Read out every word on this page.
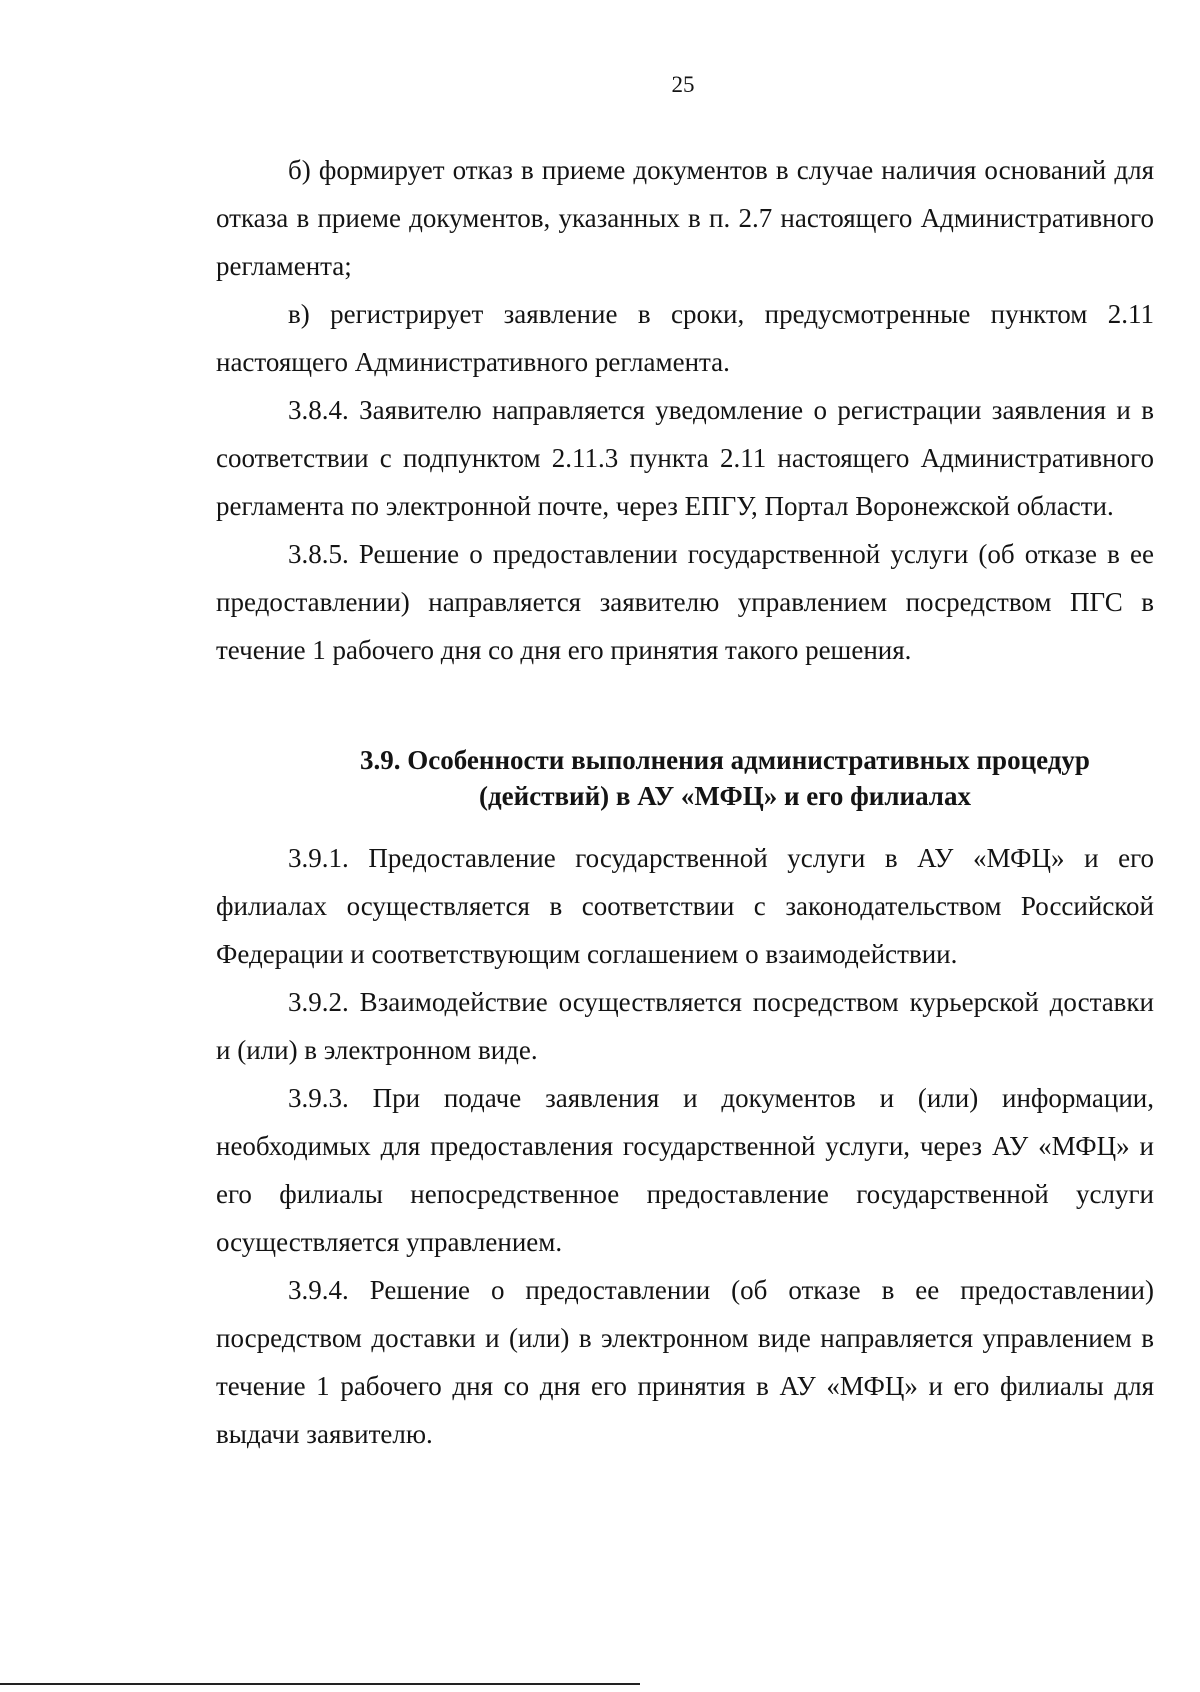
25

б) формирует отказ в приеме документов в случае наличия оснований для отказа в приеме документов, указанных в п. 2.7 настоящего Административного регламента;

в) регистрирует заявление в сроки, предусмотренные пунктом 2.11 настоящего Административного регламента.

3.8.4. Заявителю направляется уведомление о регистрации заявления и в соответствии с подпунктом 2.11.3 пункта 2.11 настоящего Административного регламента по электронной почте, через ЕПГУ, Портал Воронежской области.

3.8.5. Решение о предоставлении государственной услуги (об отказе в ее предоставлении) направляется заявителю управлением посредством ПГС в течение 1 рабочего дня со дня его принятия такого решения.

3.9. Особенности выполнения административных процедур
(действий) в АУ «МФЦ» и его филиалах

3.9.1. Предоставление государственной услуги в АУ «МФЦ» и его филиалах осуществляется в соответствии с законодательством Российской Федерации и соответствующим соглашением о взаимодействии.

3.9.2. Взаимодействие осуществляется посредством курьерской доставки и (или) в электронном виде.

3.9.3. При подаче заявления и документов и (или) информации, необходимых для предоставления государственной услуги, через АУ «МФЦ» и его филиалы непосредственное предоставление государственной услуги осуществляется управлением.

3.9.4. Решение о предоставлении (об отказе в ее предоставлении) посредством доставки и (или) в электронном виде направляется управлением в течение 1 рабочего дня со дня его принятия в АУ «МФЦ» и его филиалы для выдачи заявителю.
